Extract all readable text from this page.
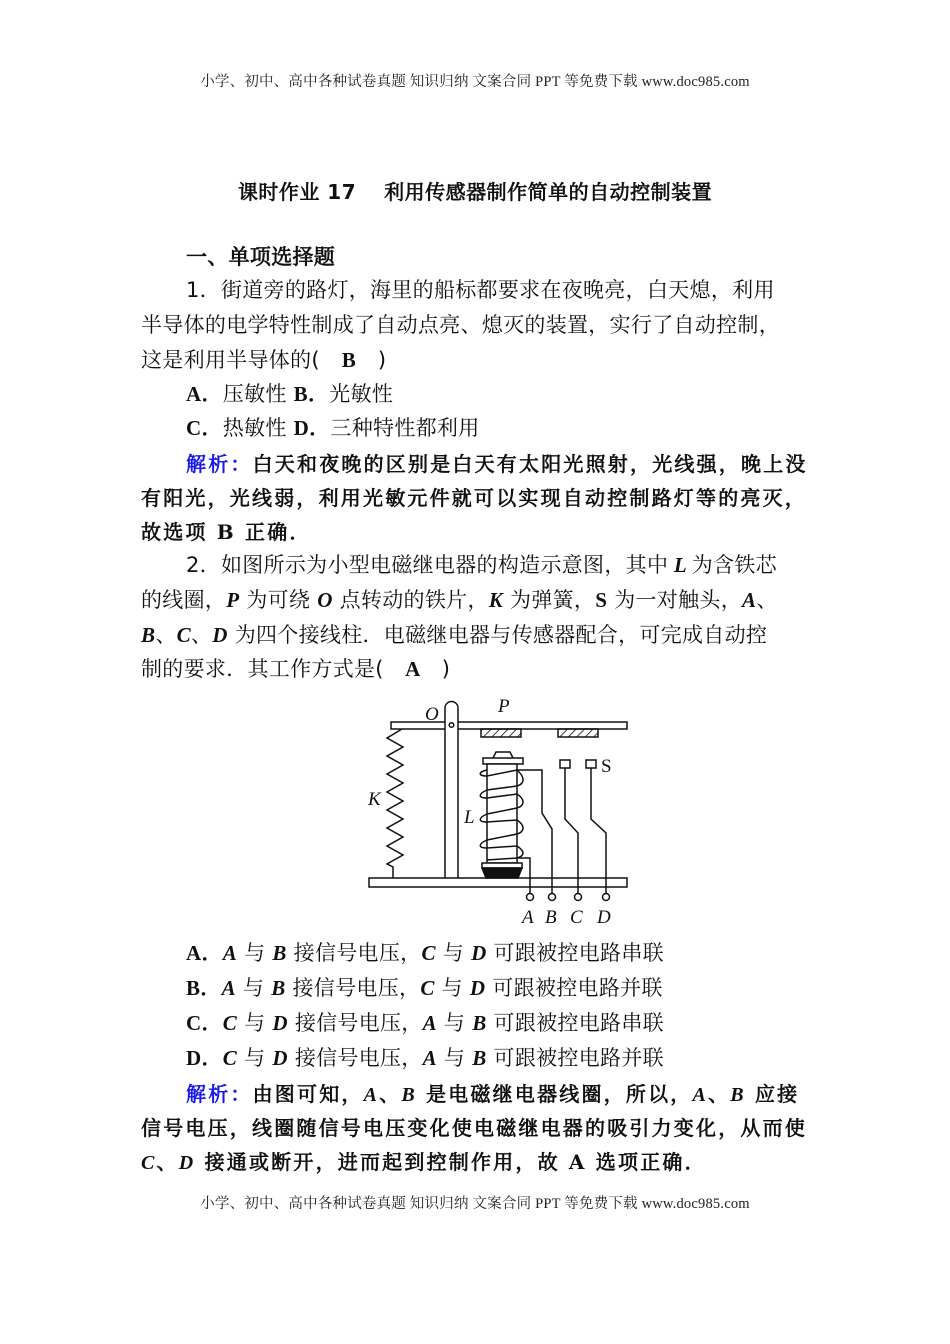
小学、初中、高中各种试卷真题 知识归纳 文案合同 PPT 等免费下载 www.doc985.com
课时作业 17 利用传感器制作简单的自动控制装置
一、单项选择题
1．街道旁的路灯，海里的船标都要求在夜晚亮，白天熄，利用
半导体的电学特性制成了自动点亮、熄灭的装置，实行了自动控制，
这是利用半导体的( B )
A．压敏性 B．光敏性
C．热敏性 D．三种特性都利用
解析：白天和夜晚的区别是白天有太阳光照射，光线强，晚上没
有阳光，光线弱，利用光敏元件就可以实现自动控制路灯等的亮灭，
故选项 B 正确．
2．如图所示为小型电磁继电器的构造示意图，其中 L 为含铁芯
的线圈，P 为可绕 O 点转动的铁片，K 为弹簧，S 为一对触头，A、
B、C、D 为四个接线柱．电磁继电器与传感器配合，可完成自动控
制的要求．其工作方式是( A )
O	P
K
L
A B C D
S
A．A 与 B 接信号电压，C 与 D 可跟被控电路串联
B．A 与 B 接信号电压，C 与 D 可跟被控电路并联
C．C 与 D 接信号电压，A 与 B 可跟被控电路串联
D．C 与 D 接信号电压，A 与 B 可跟被控电路并联
解析：由图可知，A、B 是电磁继电器线圈，所以，A、B 应接
信号电压，线圈随信号电压变化使电磁继电器的吸引力变化，从而使
C、D 接通或断开，进而起到控制作用，故 A 选项正确．
小学、初中、高中各种试卷真题 知识归纳 文案合同 PPT 等免费下载 www.doc985.com
